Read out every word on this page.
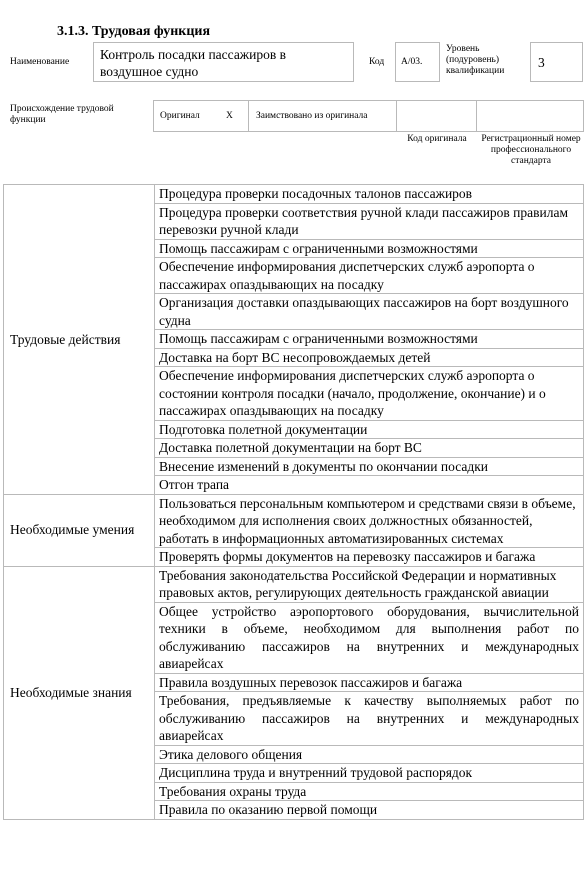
3.1.3. Трудовая функция
Наименование	Контроль посадки пассажиров в воздушное судно
Код	A/03.
Уровень (подуровень) квалификации
3
Происхождение трудовой функции	Оригинал	X Заимствовано из оригинала
Код оригинала	Регистрационный номер профессионального стандарта
Трудовые действия	Процедура проверки посадочных талонов пассажиров
	Процедура проверки соответствия ручной клади пассажиров правилам перевозки ручной клади
	Помощь пассажирам с ограниченными возможностями
	Обеспечение информирования диспетчерских служб аэропорта о пассажирах опаздывающих на посадку
	Организация доставки опаздывающих пассажиров на борт воздушного судна
	Помощь пассажирам с ограниченными возможностями
	Доставка на борт ВС несопровождаемых детей
	Обеспечение информирования диспетчерских служб аэропорта о состоянии контроля посадки (начало, продолжение, окончание) и о пассажирах опаздывающих на посадку
	Подготовка полетной документации
	Доставка полетной документации на борт ВС
	Внесение изменений в документы по окончании посадки
	Отгон трапа
Необходимые умения	Пользоваться персональным компьютером и средствами связи в объеме, необходимом для исполнения своих должностных обязанностей, работать в информационных автоматизированных системах
	Проверять формы документов на перевозку пассажиров и багажа
Необходимые знания	Требования законодательства Российской Федерации и нормативных правовых актов, регулирующих деятельность гражданской авиации
	Общее устройство аэропортового оборудования, вычислительной техники в объеме, необходимом для выполнения работ по обслуживанию пассажиров на внутренних и международных авиарейсах
	Правила воздушных перевозок пассажиров и багажа
	Требования, предъявляемые к качеству выполняемых работ по обслуживанию пассажиров на внутренних и международных авиарейсах
	Этика делового общения
	Дисциплина труда и внутренний трудовой распорядок
	Требования охраны труда
	Правила по оказанию первой помощи
